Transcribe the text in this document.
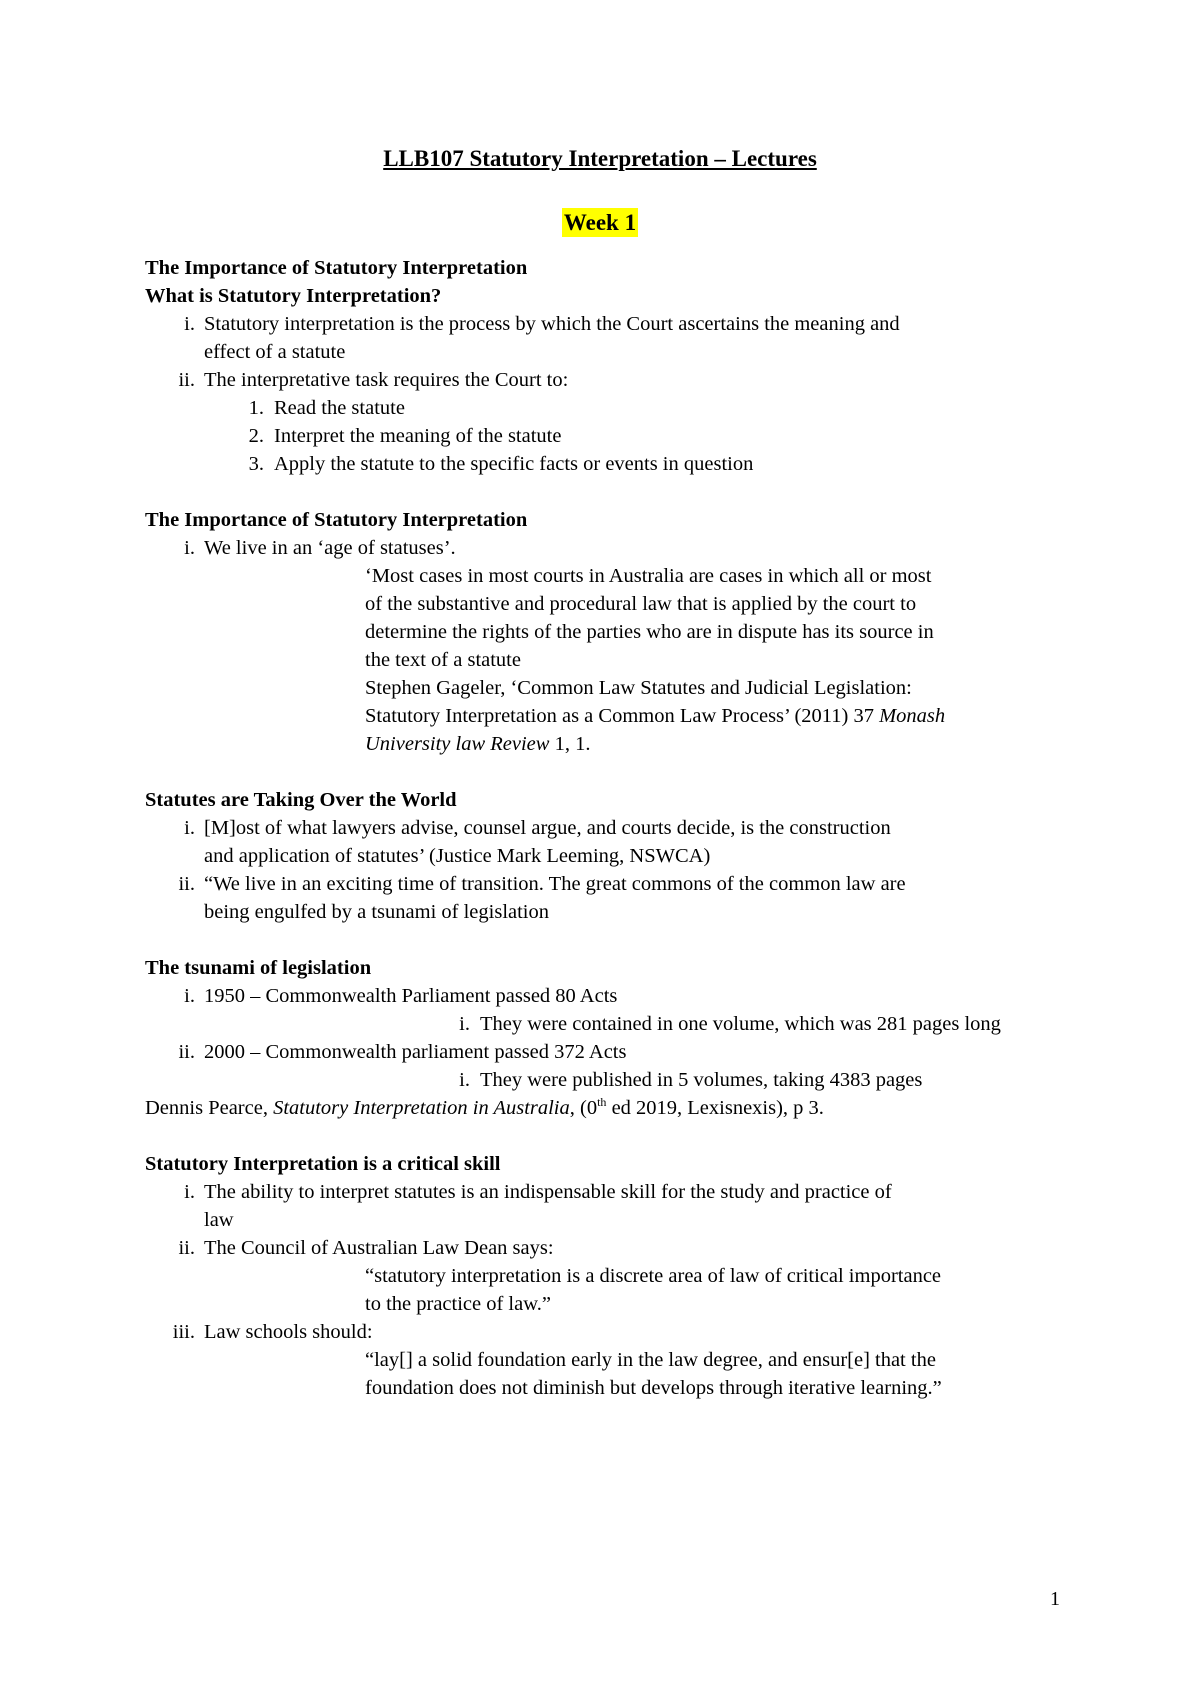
LLB107 Statutory Interpretation – Lectures
Week 1
The Importance of Statutory Interpretation
What is Statutory Interpretation?
i. Statutory interpretation is the process by which the Court ascertains the meaning and
effect of a statute
ii. The interpretative task requires the Court to:
1. Read the statute
2. Interpret the meaning of the statute
3. Apply the statute to the specific facts or events in question
The Importance of Statutory Interpretation
i. We live in an ‘age of statuses’.
‘Most cases in most courts in Australia are cases in which all or most
of the substantive and procedural law that is applied by the court to
determine the rights of the parties who are in dispute has its source in
the text of a statute
Stephen Gageler, ‘Common Law Statutes and Judicial Legislation:
Statutory Interpretation as a Common Law Process’ (2011) 37 Monash
University law Review 1, 1.
Statutes are Taking Over the World
i. [M]ost of what lawyers advise, counsel argue, and courts decide, is the construction
and application of statutes’ (Justice Mark Leeming, NSWCA)
ii. “We live in an exciting time of transition. The great commons of the common law are
being engulfed by a tsunami of legislation
The tsunami of legislation
i. 1950 – Commonwealth Parliament passed 80 Acts
i. They were contained in one volume, which was 281 pages long
ii. 2000 – Commonwealth parliament passed 372 Acts
i. They were published in 5 volumes, taking 4383 pages
Dennis Pearce, Statutory Interpretation in Australia, (0th ed 2019, Lexisnexis), p 3.
Statutory Interpretation is a critical skill
i. The ability to interpret statutes is an indispensable skill for the study and practice of
law
ii. The Council of Australian Law Dean says:
“statutory interpretation is a discrete area of law of critical importance
to the practice of law.”
iii. Law schools should:
“lay[] a solid foundation early in the law degree, and ensur[e] that the
foundation does not diminish but develops through iterative learning.”
1
